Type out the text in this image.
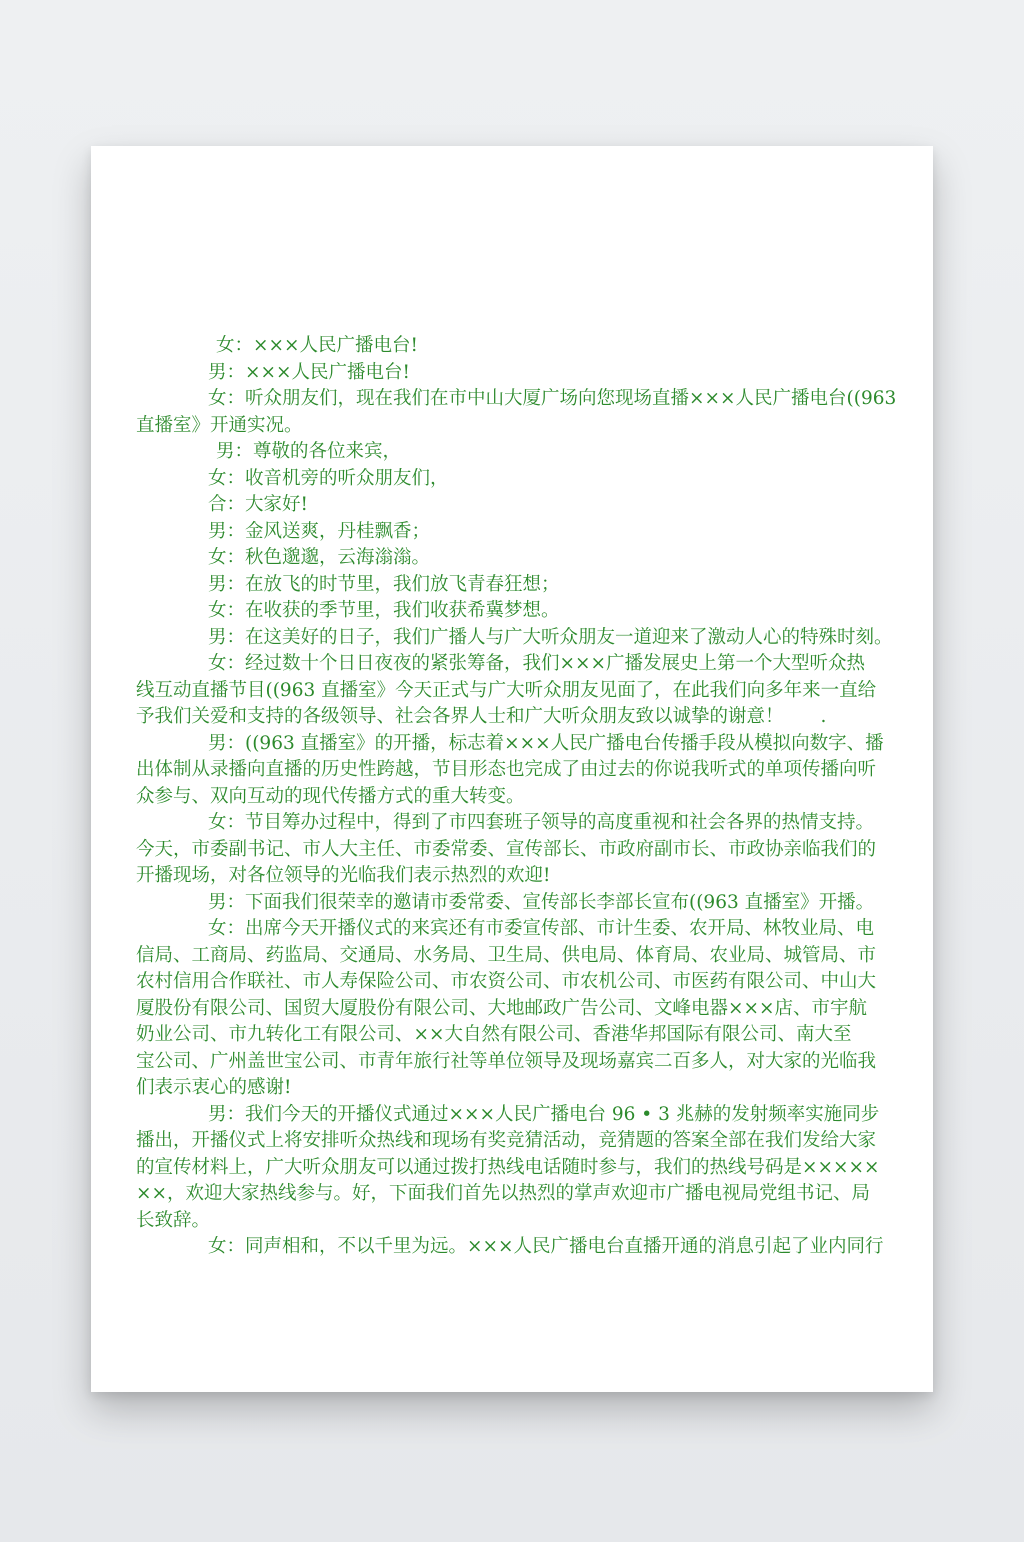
女：×××人民广播电台!
男：×××人民广播电台!
女：听众朋友们，现在我们在市中山大厦广场向您现场直播×××人民广播电台((963
直播室》开通实况。
男：尊敬的各位来宾，
女：收音机旁的听众朋友们，
合：大家好!
男：金风送爽，丹桂飘香；
女：秋色邈邈，云海滃滃。
男：在放飞的时节里，我们放飞青春狂想；
女：在收获的季节里，我们收获希冀梦想。
男：在这美好的日子，我们广播人与广大听众朋友一道迎来了激动人心的特殊时刻。
女：经过数十个日日夜夜的紧张筹备，我们×××广播发展史上第一个大型听众热
线互动直播节目((963 直播室》今天正式与广大听众朋友见面了，在此我们向多年来一直给
予我们关爱和支持的各级领导、社会各界人士和广大听众朋友致以诚挚的谢意！　　.
男：((963 直播室》的开播，标志着×××人民广播电台传播手段从模拟向数字、播
出体制从录播向直播的历史性跨越，节目形态也完成了由过去的你说我听式的单项传播向听
众参与、双向互动的现代传播方式的重大转变。
女：节目筹办过程中，得到了市四套班子领导的高度重视和社会各界的热情支持。
今天，市委副书记、市人大主任、市委常委、宣传部长、市政府副市长、市政协亲临我们的
开播现场，对各位领导的光临我们表示热烈的欢迎!
男：下面我们很荣幸的邀请市委常委、宣传部长李部长宣布((963 直播室》开播。
女：出席今天开播仪式的来宾还有市委宣传部、市计生委、农开局、林牧业局、电
信局、工商局、药监局、交通局、水务局、卫生局、供电局、体育局、农业局、城管局、市
农村信用合作联社、市人寿保险公司、市农资公司、市农机公司、市医药有限公司、中山大
厦股份有限公司、国贸大厦股份有限公司、大地邮政广告公司、文峰电器×××店、市宇航
奶业公司、市九转化工有限公司、××大自然有限公司、香港华邦国际有限公司、南大至
宝公司、广州盖世宝公司、市青年旅行社等单位领导及现场嘉宾二百多人，对大家的光临我
们表示衷心的感谢!
男：我们今天的开播仪式通过×××人民广播电台 96 • 3 兆赫的发射频率实施同步
播出，开播仪式上将安排听众热线和现场有奖竞猜活动，竞猜题的答案全部在我们发给大家
的宣传材料上，广大听众朋友可以通过拨打热线电话随时参与，我们的热线号码是×××××
××，欢迎大家热线参与。好，下面我们首先以热烈的掌声欢迎市广播电视局党组书记、局
长致辞。
女：同声相和，不以千里为远。×××人民广播电台直播开通的消息引起了业内同行
